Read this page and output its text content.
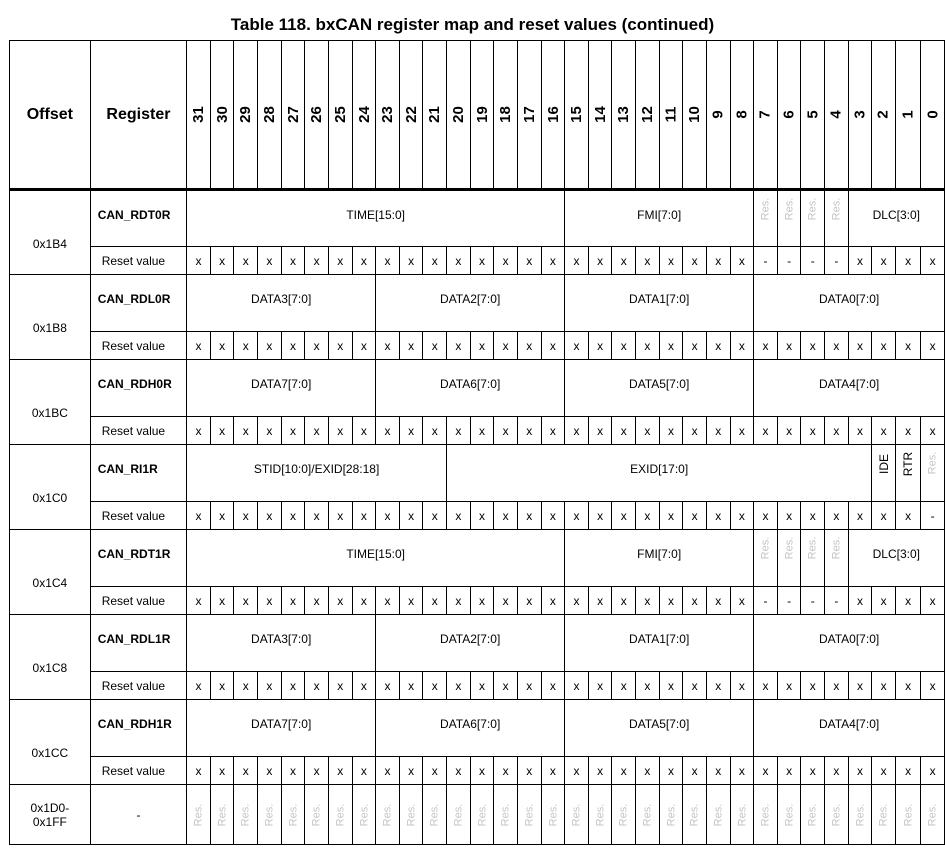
Table 118. bxCAN register map and reset values (continued)
Offset	Register	31	30	29	28	27	26	25	24	23	22	21	20	19	18	17	16	15	14	13	12	11	10	9	8	7	6	5	4	3	2	1	0
0x1B4	CAN_RDT0R	TIME[15:0]																FMI[7:0]								Res.	Res.	Res.	Res.	DLC[3:0]			
	Reset value	x	x	x	x	x	x	x	x	x	x	x	x	x	x	x	x	x	x	x	x	x	x	x	x	-	-	-	-	x	x	x	x
0x1B8	CAN_RDL0R	DATA3[7:0]								DATA2[7:0]								DATA1[7:0]								DATA0[7:0]							
	Reset value	x	x	x	x	x	x	x	x	x	x	x	x	x	x	x	x	x	x	x	x	x	x	x	x	x	x	x	x	x	x	x	x
0x1BC	CAN_RDH0R	DATA7[7:0]								DATA6[7:0]								DATA5[7:0]								DATA4[7:0]							
	Reset value	x	x	x	x	x	x	x	x	x	x	x	x	x	x	x	x	x	x	x	x	x	x	x	x	x	x	x	x	x	x	x	x
0x1C0	CAN_RI1R	STID[10:0]/EXID[28:18]											EXID[17:0]																		IDE	RTR	Res.
	Reset value	x	x	x	x	x	x	x	x	x	x	x	x	x	x	x	x	x	x	x	x	x	x	x	x	x	x	x	x	x	x	x	-
0x1C4	CAN_RDT1R	TIME[15:0]																FMI[7:0]								Res.	Res.	Res.	Res.	DLC[3:0]			
	Reset value	x	x	x	x	x	x	x	x	x	x	x	x	x	x	x	x	x	x	x	x	x	x	x	x	-	-	-	-	x	x	x	x
0x1C8	CAN_RDL1R	DATA3[7:0]								DATA2[7:0]								DATA1[7:0]								DATA0[7:0]							
	Reset value	x	x	x	x	x	x	x	x	x	x	x	x	x	x	x	x	x	x	x	x	x	x	x	x	x	x	x	x	x	x	x	x
0x1CC	CAN_RDH1R	DATA7[7:0]								DATA6[7:0]								DATA5[7:0]								DATA4[7:0]							
	Reset value	x	x	x	x	x	x	x	x	x	x	x	x	x	x	x	x	x	x	x	x	x	x	x	x	x	x	x	x	x	x	x	x
0x1D0-
0x1FF	-	Res.	Res.	Res.	Res.	Res.	Res.	Res.	Res.	Res.	Res.	Res.	Res.	Res.	Res.	Res.	Res.	Res.	Res.	Res.	Res.	Res.	Res.	Res.	Res.	Res.	Res.	Res.	Res.	Res.	Res.	Res.	Res.
